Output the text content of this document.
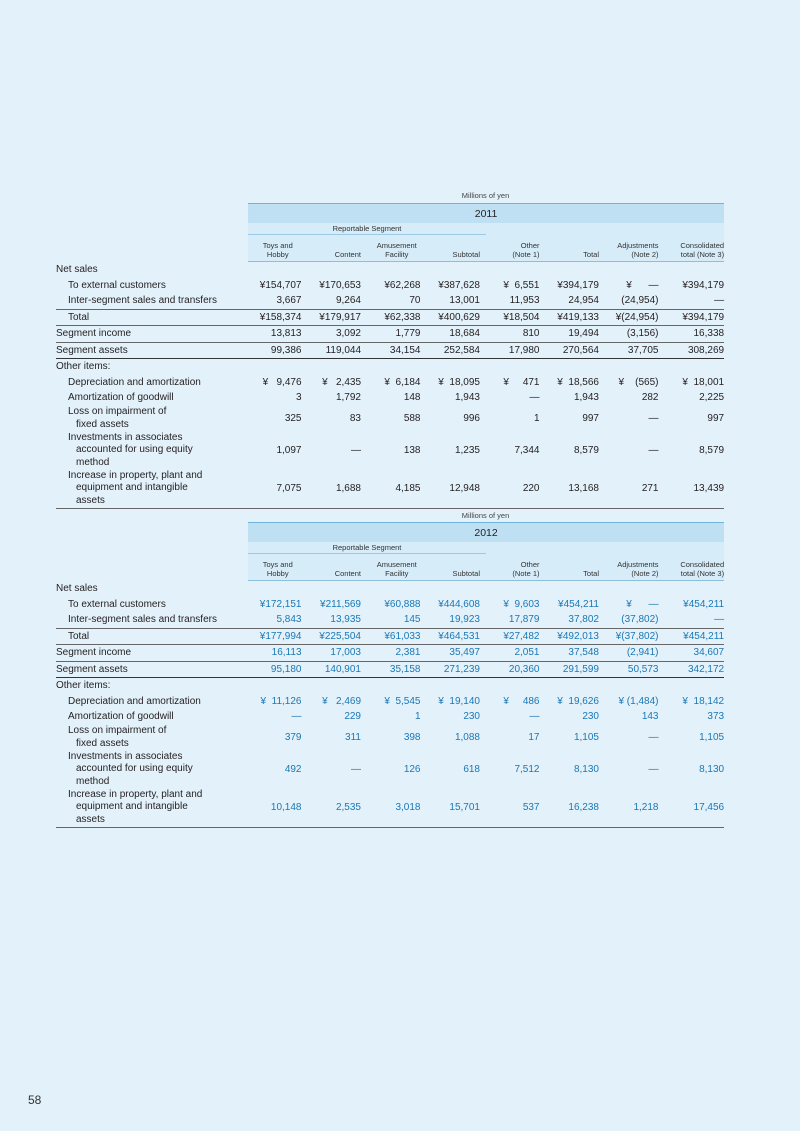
Millions of yen
	2011							
	Reportable Segment							
	Toys and
Hobby	Content	Amusement
Facility	Subtotal	Other
(Note 1)	Total	Adjustments
(Note 2)	Consolidated
total (Note 3)
Net sales								
To external customers	¥154,707	¥170,653	¥62,268	¥387,628	¥  6,551	¥394,179	¥      —	¥394,179
Inter-segment sales and transfers	3,667	9,264	70	13,001	11,953	24,954	(24,954)	—
Total	¥158,374	¥179,917	¥62,338	¥400,629	¥18,504	¥419,133	¥(24,954)	¥394,179
Segment income	13,813	3,092	1,779	18,684	810	19,494	(3,156)	16,338
Segment assets	99,386	119,044	34,154	252,584	17,980	270,564	37,705	308,269
Other items:								
Depreciation and amortization	¥   9,476	¥   2,435	¥  6,184	¥  18,095	¥     471	¥  18,566	¥    (565)	¥  18,001
Amortization of goodwill	3	1,792	148	1,943	—	1,943	282	2,225

Loss on impairment of
fixed assets	325	83	588	996	1	997	—	997

Investments in associates
accounted for using equity
method	1,097	—	138	1,235	7,344	8,579	—	8,579

Increase in property, plant and
equipment and intangible
assets	7,075	1,688	4,185	12,948	220	13,168	271	13,439
Millions of yen
	2012							
	Reportable Segment							
	Toys and
Hobby	Content	Amusement
Facility	Subtotal	Other
(Note 1)	Total	Adjustments
(Note 2)	Consolidated
total (Note 3)
Net sales								
To external customers	¥172,151	¥211,569	¥60,888	¥444,608	¥  9,603	¥454,211	¥      —	¥454,211
Inter-segment sales and transfers	5,843	13,935	145	19,923	17,879	37,802	(37,802)	—
Total	¥177,994	¥225,504	¥61,033	¥464,531	¥27,482	¥492,013	¥(37,802)	¥454,211
Segment income	16,113	17,003	2,381	35,497	2,051	37,548	(2,941)	34,607
Segment assets	95,180	140,901	35,158	271,239	20,360	291,599	50,573	342,172
Other items:								
Depreciation and amortization	¥  11,126	¥   2,469	¥  5,545	¥  19,140	¥     486	¥  19,626	¥ (1,484)	¥  18,142
Amortization of goodwill	—	229	1	230	—	230	143	373

Loss on impairment of
fixed assets	379	311	398	1,088	17	1,105	—	1,105

Investments in associates
accounted for using equity
method	492	—	126	618	7,512	8,130	—	8,130

Increase in property, plant and
equipment and intangible
assets	10,148	2,535	3,018	15,701	537	16,238	1,218	17,456
58
